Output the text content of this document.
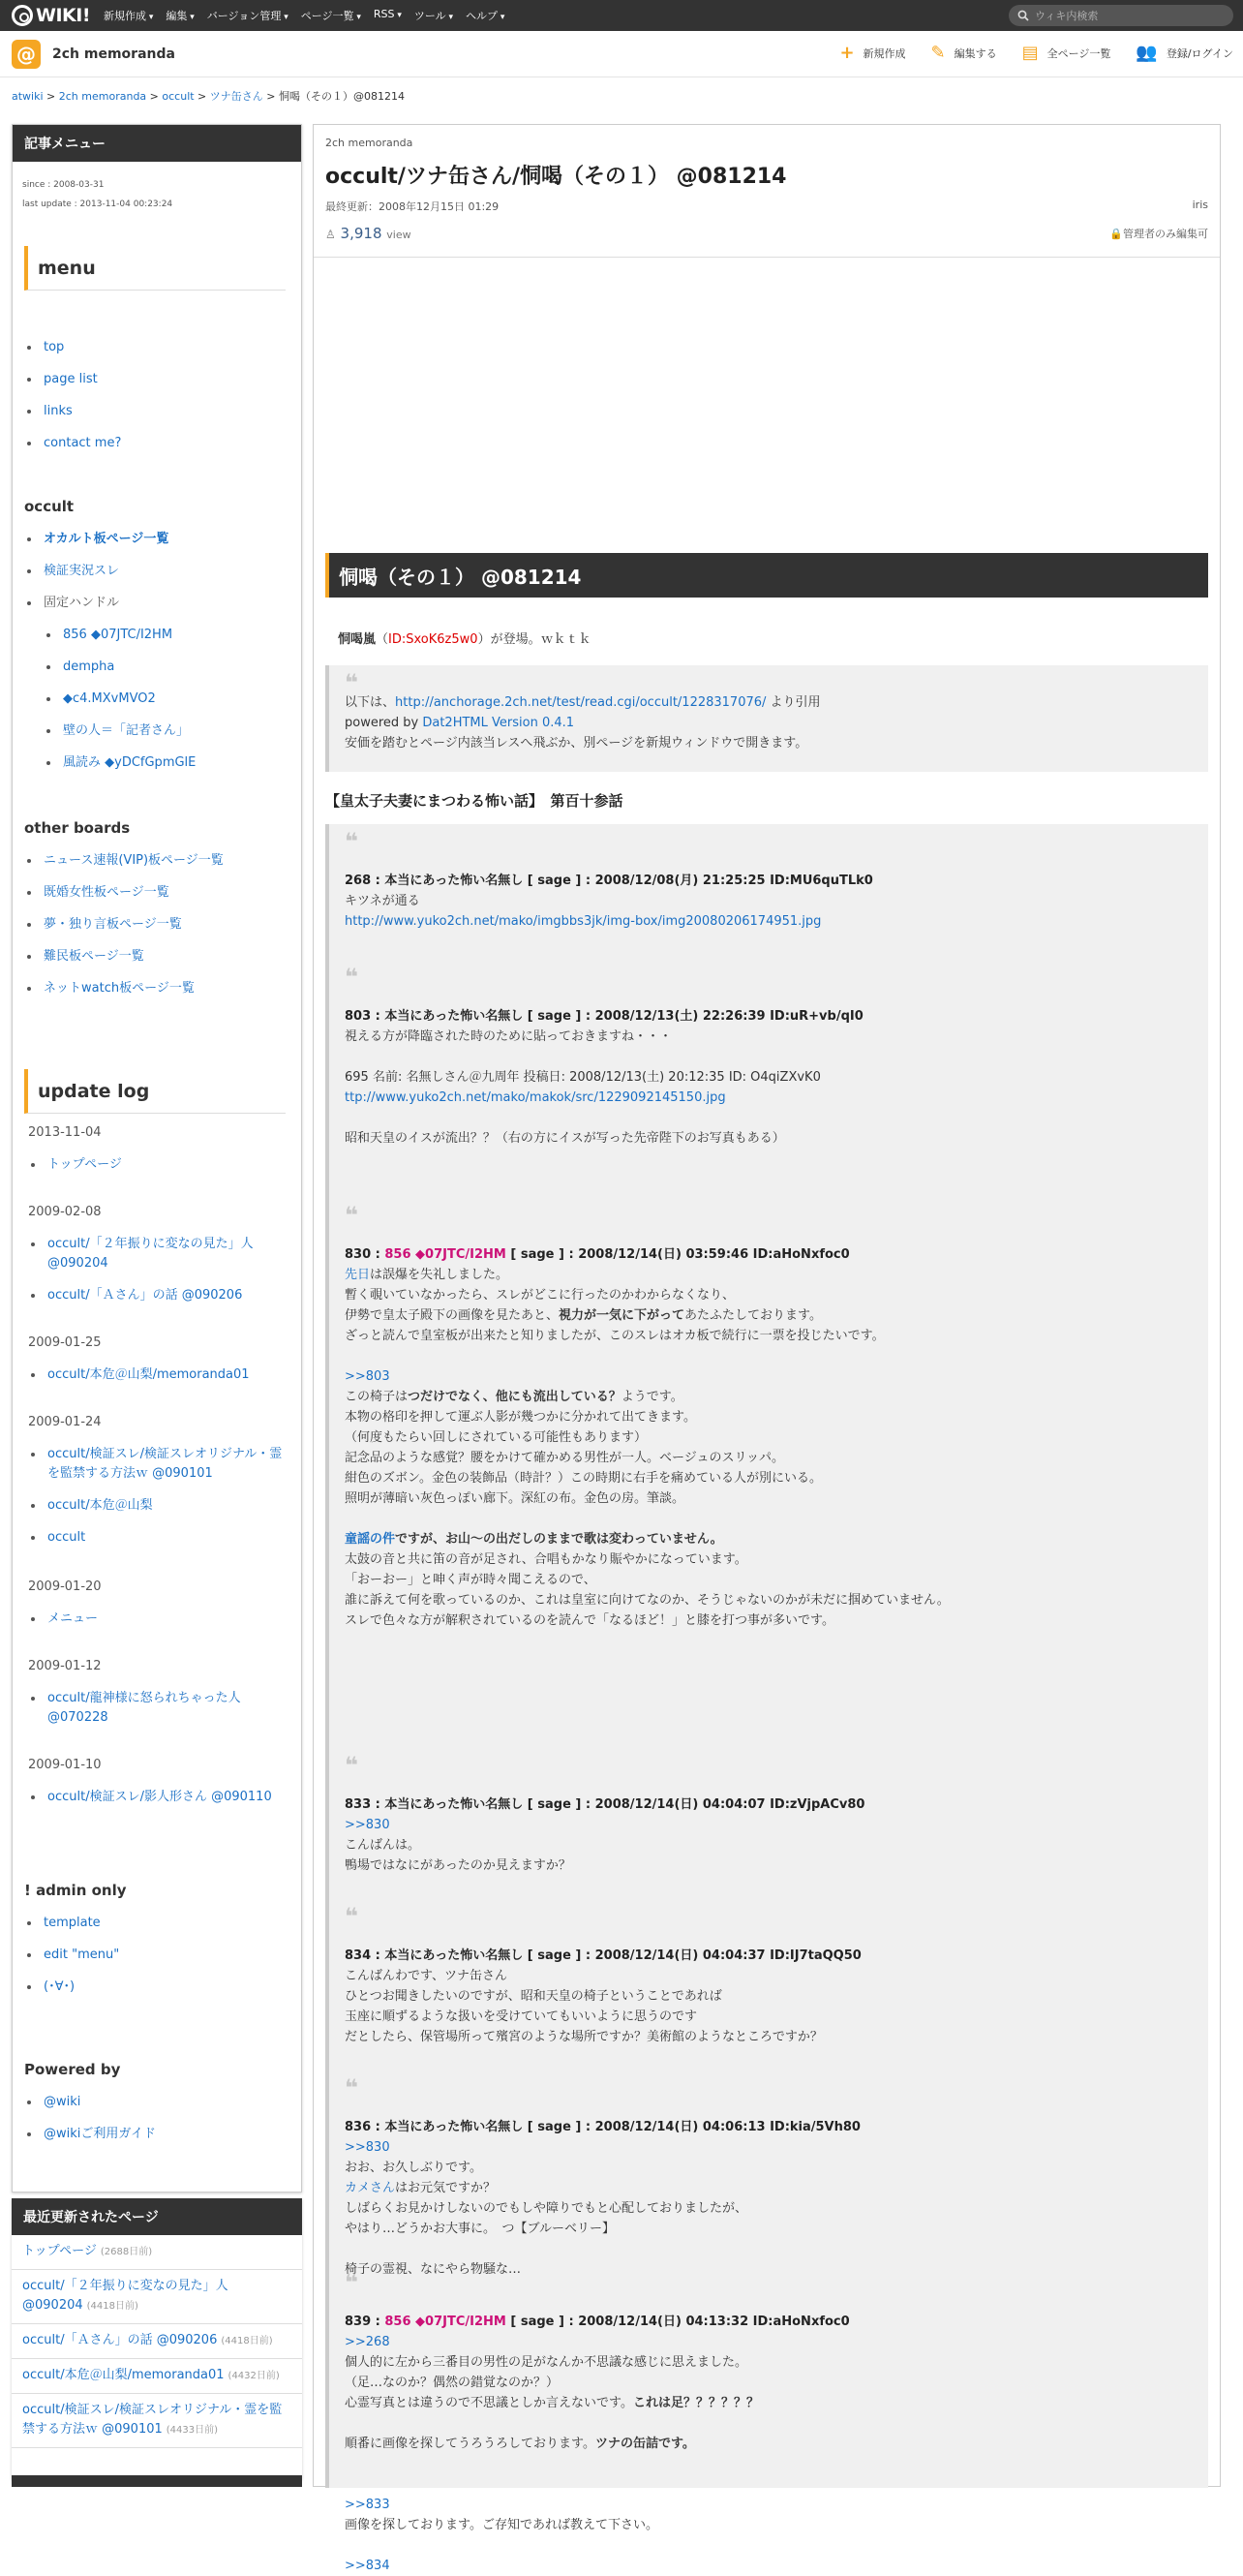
WIKI! 新規作成 ▾	編集 ▾	バージョン管理 ▾	ページ一覧 ▾	RSS ▾	ツール ▾	ヘルプ ▾
ウィキ内検索
@	2ch memoranda	+ 新規作成 ✎ 編集する ▤ 全ページ一覧 👥 登録/ログイン
atwiki > 2ch memoranda > occult > ツナ缶さん > 恫喝（その１）@081214
記事メニュー
since : 2008-03-31
last update : 2013-11-04 00:23:24
menu
top
page list
links
contact me?
occult
オカルト板ページ一覧
検証実況スレ
固定ハンドル
856 ◆07JTC/I2HM
dempha
◆c4.MXvMVO2
壁の人＝「記者さん」
風読み ◆yDCfGpmGlE
other boards
ニュース速報(VIP)板ページ一覧
既婚女性板ページ一覧
夢・独り言板ページ一覧
難民板ページ一覧
ネットwatch板ページ一覧
update log
2013-11-04
トップページ
2009-02-08
occult/「２年振りに変なの見た」人 @090204
occult/「Ａさん」の話 @090206
2009-01-25
occult/本危＠山梨/memoranda01
2009-01-24
occult/検証スレ/検証スレオリジナル・霊を監禁する方法ｗ @090101
occult/本危＠山梨
occult
2009-01-20
メニュー
2009-01-12
occult/龍神様に怒られちゃった人 @070228
2009-01-10
occult/検証スレ/影人形さん @090110
! admin only
template
edit "menu"
(･∀･)
Powered by
@wiki
@wikiご利用ガイド
最近更新されたページ
トップページ (2688日前)
occult/「２年振りに変なの見た」人 @090204 (4418日前)
occult/「Ａさん」の話 @090206 (4418日前)
occult/本危＠山梨/memoranda01 (4432日前)
occult/検証スレ/検証スレオリジナル・霊を監禁する方法ｗ @090101 (4433日前)
2ch memoranda
occult/ツナ缶さん/恫喝（その１） @081214
最終更新：2008年12月15日 01:29	iris
♙ 3,918 view	🔒管理者のみ編集可
恫喝（その１） @081214
恫喝嵐（ID:SxoK6z5w0）が登場。ｗｋｔｋ
❝
以下は、http://anchorage.2ch.net/test/read.cgi/occult/1228317076/ より引用
powered by Dat2HTML Version 0.4.1
安価を踏むとページ内該当レスへ飛ぶか、別ページを新規ウィンドウで開きます。
【皇太子夫妻にまつわる怖い話】　第百十参話
❝
268 : 本当にあった怖い名無し [ sage ] : 2008/12/08(月) 21:25:25 ID:MU6quTLk0
キツネが通る
http://www.yuko2ch.net/mako/imgbbs3jk/img-box/img20080206174951.jpg
❝
803 : 本当にあった怖い名無し [ sage ] : 2008/12/13(土) 22:26:39 ID:uR+vb/qI0
視える方が降臨された時のために貼っておきますね・・・

695 名前: 名無しさん＠九周年 投稿日: 2008/12/13(土) 20:12:35 ID: O4qiZXvK0
ttp://www.yuko2ch.net/mako/makok/src/1229092145150.jpg

昭和天皇のイスが流出？？（右の方にイスが写った先帝陛下のお写真もある）
❝
830 : 856 ◆07JTC/I2HM [ sage ] : 2008/12/14(日) 03:59:46 ID:aHoNxfoc0
先日は誤爆を失礼しました。
暫く覗いていなかったら、スレがどこに行ったのかわからなくなり、
伊勢で皇太子殿下の画像を見たあと、視力が一気に下がってあたふたしております。
ざっと読んで皇室板が出来たと知りましたが、このスレはオカ板で続行に一票を投じたいです。

>>803
この椅子はつだけでなく、他にも流出している？ようです。
本物の格印を押して運ぶ人影が幾つかに分かれて出てきます。
（何度もたらい回しにされている可能性もあります）
記念品のような感覚？腰をかけて確かめる男性が一人。ベージュのスリッパ。
紺色のズボン。金色の装飾品（時計？）この時期に右手を痛めている人が別にいる。
照明が薄暗い灰色っぽい廊下。深紅の布。金色の房。筆談。

童謡の件ですが、お山〜の出だしのままで歌は変わっていません。
太鼓の音と共に笛の音が足され、合唱もかなり賑やかになっています。
「おーおー」と呻く声が時々聞こえるので、
誰に訴えて何を歌っているのか、これは皇室に向けてなのか、そうじゃないのかが未だに掴めていません。
スレで色々な方が解釈されているのを読んで「なるほど！」と膝を打つ事が多いです。
❝
833 : 本当にあった怖い名無し [ sage ] : 2008/12/14(日) 04:04:07 ID:zVjpACv80
>>830
こんばんは。
鴨場ではなにがあったのか見えますか？
❝
834 : 本当にあった怖い名無し [ sage ] : 2008/12/14(日) 04:04:37 ID:IJ7taQQ50
こんばんわです、ツナ缶さん
ひとつお聞きしたいのですが、昭和天皇の椅子ということであれば
玉座に順ずるような扱いを受けていてもいいように思うのです
だとしたら、保管場所って殯宮のような場所ですか？美術館のようなところですか？
❝
836 : 本当にあった怖い名無し [ sage ] : 2008/12/14(日) 04:06:13 ID:kia/5Vh80
>>830
おお、お久しぶりです。
カメさんはお元気ですか？
しばらくお見かけしないのでもしや障りでもと心配しておりましたが、
やはり…どうかお大事に。　つ【ブルーベリー】

椅子の霊視、なにやら物騒な…
❝
839 : 856 ◆07JTC/I2HM [ sage ] : 2008/12/14(日) 04:13:32 ID:aHoNxfoc0
>>268
個人的に左から三番目の男性の足がなんか不思議な感じに思えました。
（足…なのか？偶然の錯覚なのか？）
心霊写真とは違うので不思議としか言えないです。これは足？？？？？？

順番に画像を探してうろうろしております。ツナの缶詰です。

>>833
画像を探しております。ご存知であれば教えて下さい。

>>834
